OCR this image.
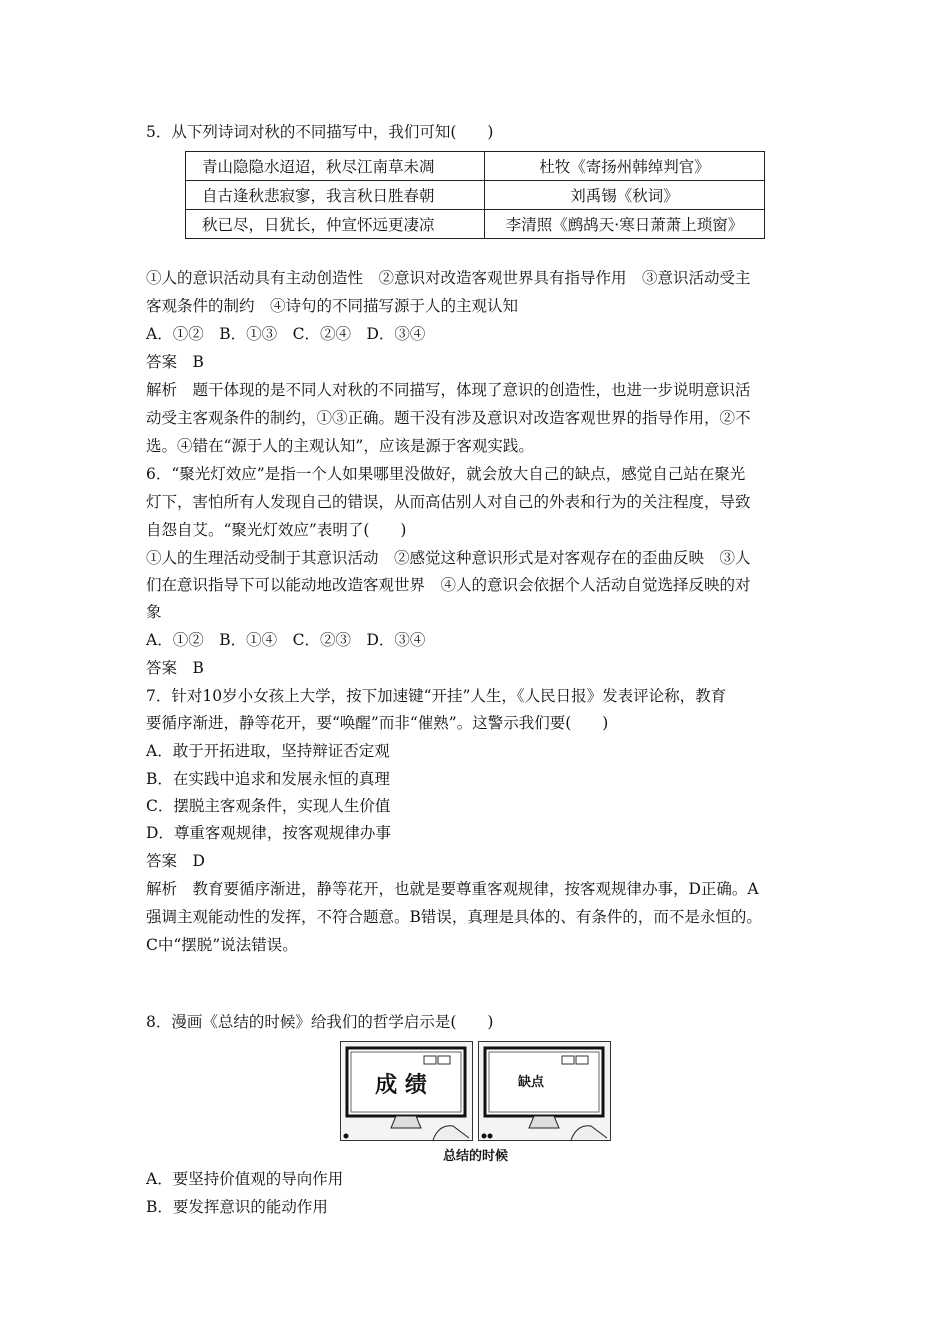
5．从下列诗词对秋的不同描写中，我们可知(　　)
青山隐隐水迢迢，秋尽江南草未凋	杜牧《寄扬州韩绰判官》
自古逢秋悲寂寥，我言秋日胜春朝	刘禹锡《秋词》
秋已尽，日犹长，仲宣怀远更凄凉	李清照《鹧鸪天·寒日萧萧上琐窗》
①人的意识活动具有主动创造性　②意识对改造客观世界具有指导作用　③意识活动受主
客观条件的制约　④诗句的不同描写源于人的主观认知
A．①②　B．①③　C．②④　D．③④
答案　B
解析　题干体现的是不同人对秋的不同描写，体现了意识的创造性，也进一步说明意识活
动受主客观条件的制约，①③正确。题干没有涉及意识对改造客观世界的指导作用，②不
选。④错在“源于人的主观认知”，应该是源于客观实践。
6．“聚光灯效应”是指一个人如果哪里没做好，就会放大自己的缺点，感觉自己站在聚光
灯下，害怕所有人发现自己的错误，从而高估别人对自己的外表和行为的关注程度，导致
自怨自艾。“聚光灯效应”表明了(　　)
①人的生理活动受制于其意识活动　②感觉这种意识形式是对客观存在的歪曲反映　③人
们在意识指导下可以能动地改造客观世界　④人的意识会依据个人活动自觉选择反映的对
象
A．①②　B．①④　C．②③　D．③④
答案　B
7．针对10岁小女孩上大学，按下加速键“开挂”人生，《人民日报》发表评论称，教育
要循序渐进，静等花开，要“唤醒”而非“催熟”。这警示我们要(　　)
A．敢于开拓进取，坚持辩证否定观
B．在实践中追求和发展永恒的真理
C．摆脱主客观条件，实现人生价值
D．尊重客观规律，按客观规律办事
答案　D
解析　教育要循序渐进，静等花开，也就是要尊重客观规律，按客观规律办事，D正确。A
强调主观能动性的发挥，不符合题意。B错误，真理是具体的、有条件的，而不是永恒的。
C中“摆脱”说法错误。
8．漫画《总结的时候》给我们的哲学启示是(　　)
成 绩	缺点
总结的时候
A．要坚持价值观的导向作用
B．要发挥意识的能动作用
